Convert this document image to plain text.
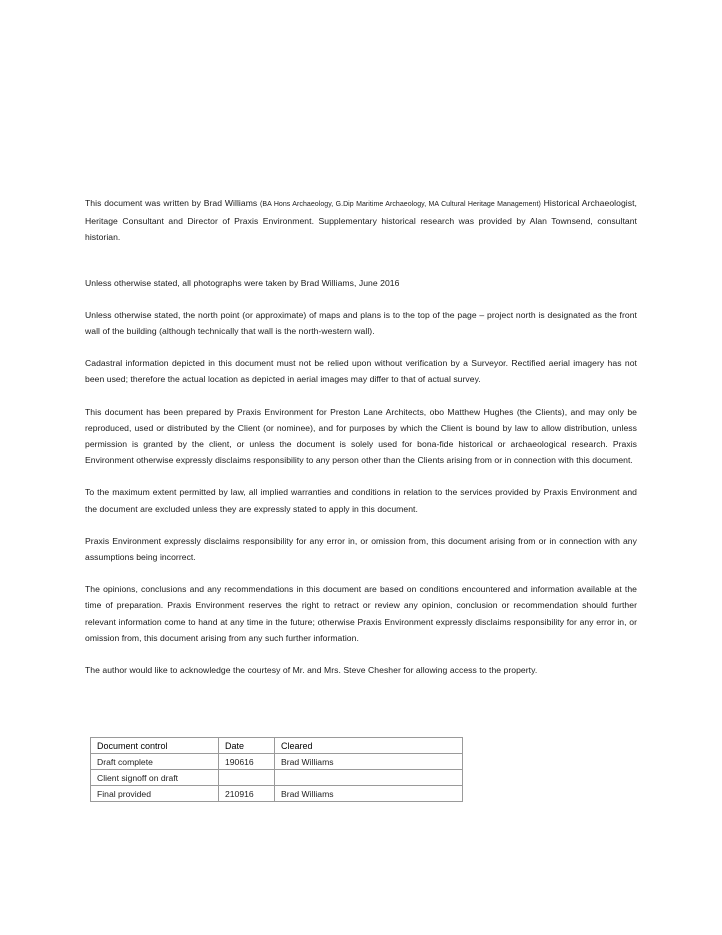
This document was written by Brad Williams (BA Hons Archaeology, G.Dip Maritime Archaeology, MA Cultural Heritage Management) Historical Archaeologist, Heritage Consultant and Director of Praxis Environment. Supplementary historical research was provided by Alan Townsend, consultant historian.

Unless otherwise stated, all photographs were taken by Brad Williams, June 2016

Unless otherwise stated, the north point (or approximate) of maps and plans is to the top of the page – project north is designated as the front wall of the building (although technically that wall is the north-western wall).

Cadastral information depicted in this document must not be relied upon without verification by a Surveyor. Rectified aerial imagery has not been used; therefore the actual location as depicted in aerial images may differ to that of actual survey.

This document has been prepared by Praxis Environment for Preston Lane Architects, obo Matthew Hughes (the Clients), and may only be reproduced, used or distributed by the Client (or nominee), and for purposes by which the Client is bound by law to allow distribution, unless permission is granted by the client, or unless the document is solely used for bona-fide historical or archaeological research. Praxis Environment otherwise expressly disclaims responsibility to any person other than the Clients arising from or in connection with this document.

To the maximum extent permitted by law, all implied warranties and conditions in relation to the services provided by Praxis Environment and the document are excluded unless they are expressly stated to apply in this document.

Praxis Environment expressly disclaims responsibility for any error in, or omission from, this document arising from or in connection with any assumptions being incorrect.

The opinions, conclusions and any recommendations in this document are based on conditions encountered and information available at the time of preparation. Praxis Environment reserves the right to retract or review any opinion, conclusion or recommendation should further relevant information come to hand at any time in the future; otherwise Praxis Environment expressly disclaims responsibility for any error in, or omission from, this document arising from any such further information.

The author would like to acknowledge the courtesy of Mr. and Mrs. Steve Chesher for allowing access to the property.

Document control	Date	Cleared
Draft complete	190616	Brad Williams
Client signoff on draft		
Final provided	210916	Brad Williams
